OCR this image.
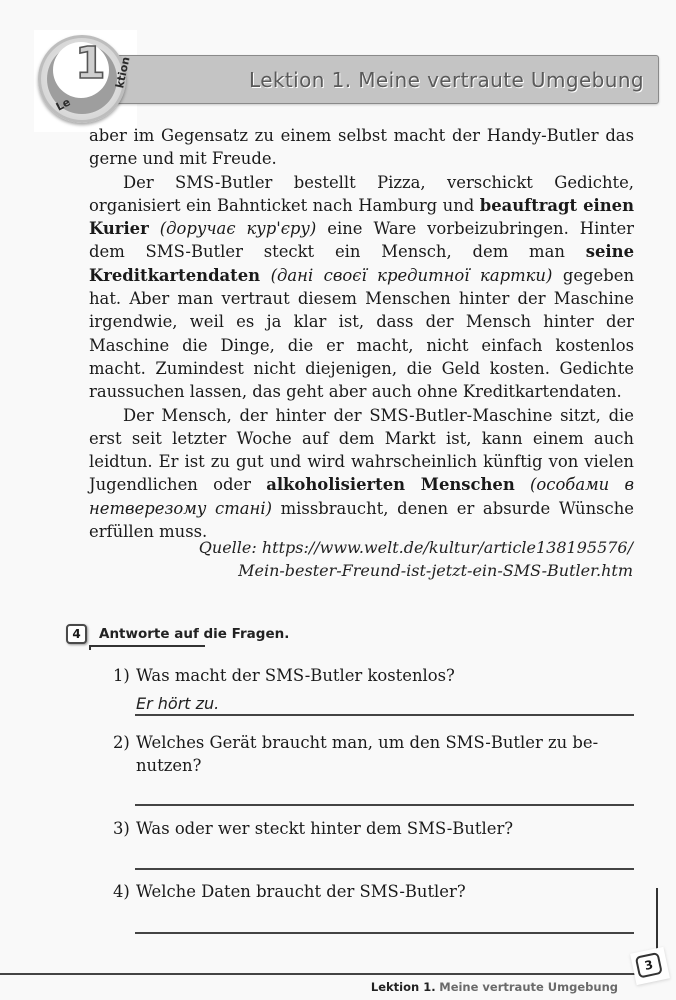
1
Le
ktion	Lektion 1. Meine vertraute Umgebung

aber im Gegensatz zu einem selbst macht der Handy-Butler das gerne und mit Freude.

Der SMS-Butler bestellt Pizza, verschickt Gedichte, organisiert ein Bahnticket nach Hamburg und beauftragt einen Kurier (доручає кур'єру) eine Ware vorbeizubringen. Hinter dem SMS-Butler steckt ein Mensch, dem man seine Kreditkartendaten (дані своєї кредитної картки) gegeben hat. Aber man vertraut diesem Menschen hinter der Maschine irgendwie, weil es ja klar ist, dass der Mensch hinter der Maschine die Dinge, die er macht, nicht einfach kostenlos macht. Zumindest nicht diejenigen, die Geld kosten. Gedichte raussuchen lassen, das geht aber auch ohne Kreditkartendaten.

Der Mensch, der hinter der SMS-Butler-Maschine sitzt, die erst seit letzter Woche auf dem Markt ist, kann einem auch leidtun. Er ist zu gut und wird wahrscheinlich künftig von vielen Jugendlichen oder alkoholisierten Menschen (особами в нетверезому стані) missbraucht, denen er absurde Wünsche erfüllen muss.

Quelle: https://www.welt.de/kultur/article138195576/
Mein-bester-Freund-ist-jetzt-ein-SMS-Butler.htm
4	Antworte auf die Fragen.
1) Was macht der SMS-Butler kostenlos?
Er hört zu.
2) Welches Gerät braucht man, um den SMS-Butler zu be-
nutzen?
3) Was oder wer steckt hinter dem SMS-Butler?
4) Welche Daten braucht der SMS-Butler?
3
Lektion 1. Meine vertraute Umgebung
